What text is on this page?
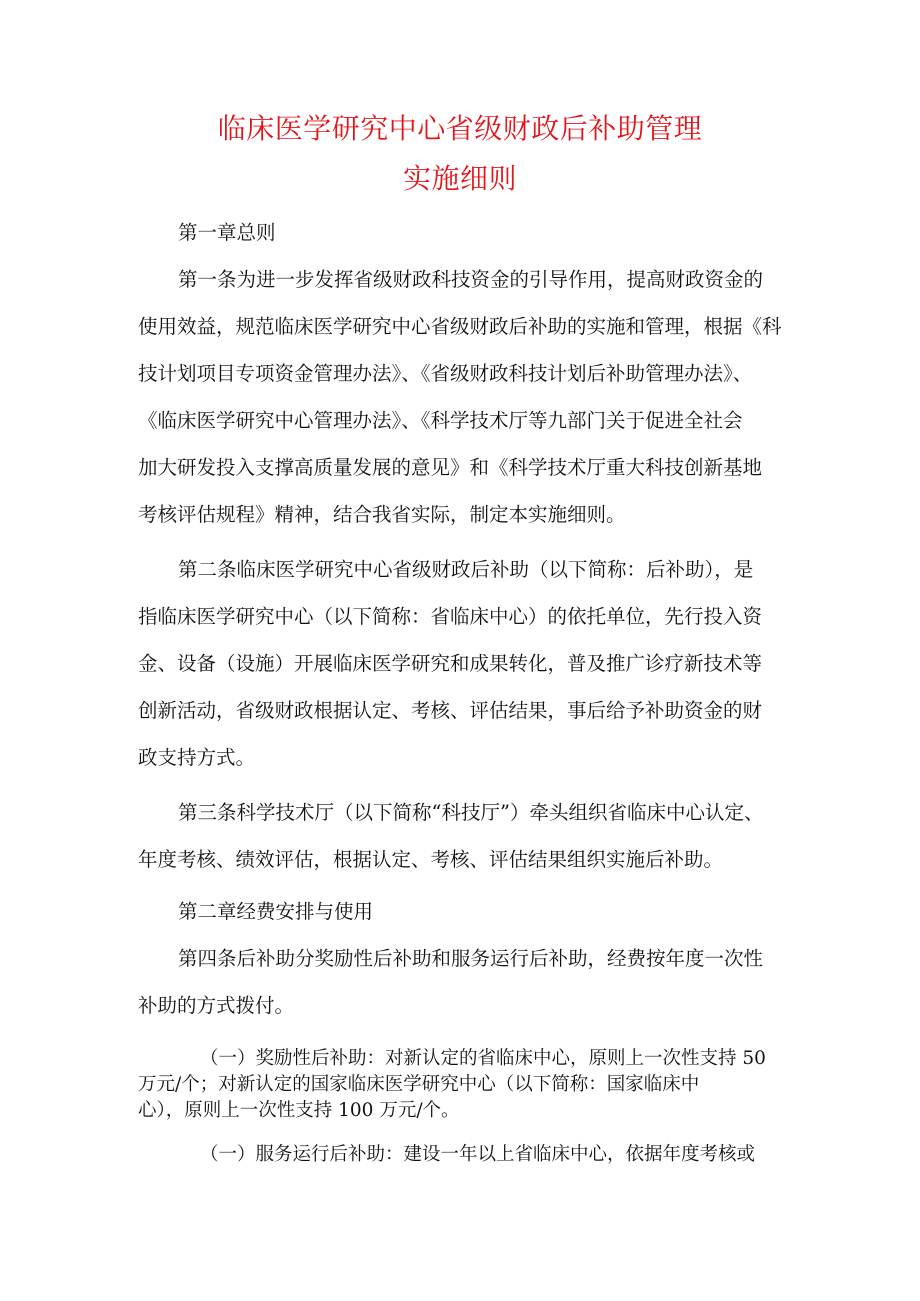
临床医学研究中心省级财政后补助管理
实施细则
第一章总则
第一条为进一步发挥省级财政科技资金的引导作用，提高财政资金的
使用效益，规范临床医学研究中心省级财政后补助的实施和管理，根据《科
技计划项目专项资金管理办法》、《省级财政科技计划后补助管理办法》、
《临床医学研究中心管理办法》、《科学技术厅等九部门关于促进全社会
加大研发投入支撑高质量发展的意见》和《科学技术厅重大科技创新基地
考核评估规程》精神，结合我省实际，制定本实施细则。
第二条临床医学研究中心省级财政后补助（以下简称：后补助），是
指临床医学研究中心（以下简称：省临床中心）的依托单位，先行投入资
金、设备（设施）开展临床医学研究和成果转化，普及推广诊疗新技术等
创新活动，省级财政根据认定、考核、评估结果，事后给予补助资金的财
政支持方式。
第三条科学技术厅（以下简称“科技厅”）牵头组织省临床中心认定、
年度考核、绩效评估，根据认定、考核、评估结果组织实施后补助。
第二章经费安排与使用
第四条后补助分奖励性后补助和服务运行后补助，经费按年度一次性
补助的方式拨付。
（一）奖励性后补助：对新认定的省临床中心，原则上一次性支持 50
万元/个；对新认定的国家临床医学研究中心（以下简称：国家临床中
心），原则上一次性支持 100 万元/个。
（一）服务运行后补助：建设一年以上省临床中心，依据年度考核或
